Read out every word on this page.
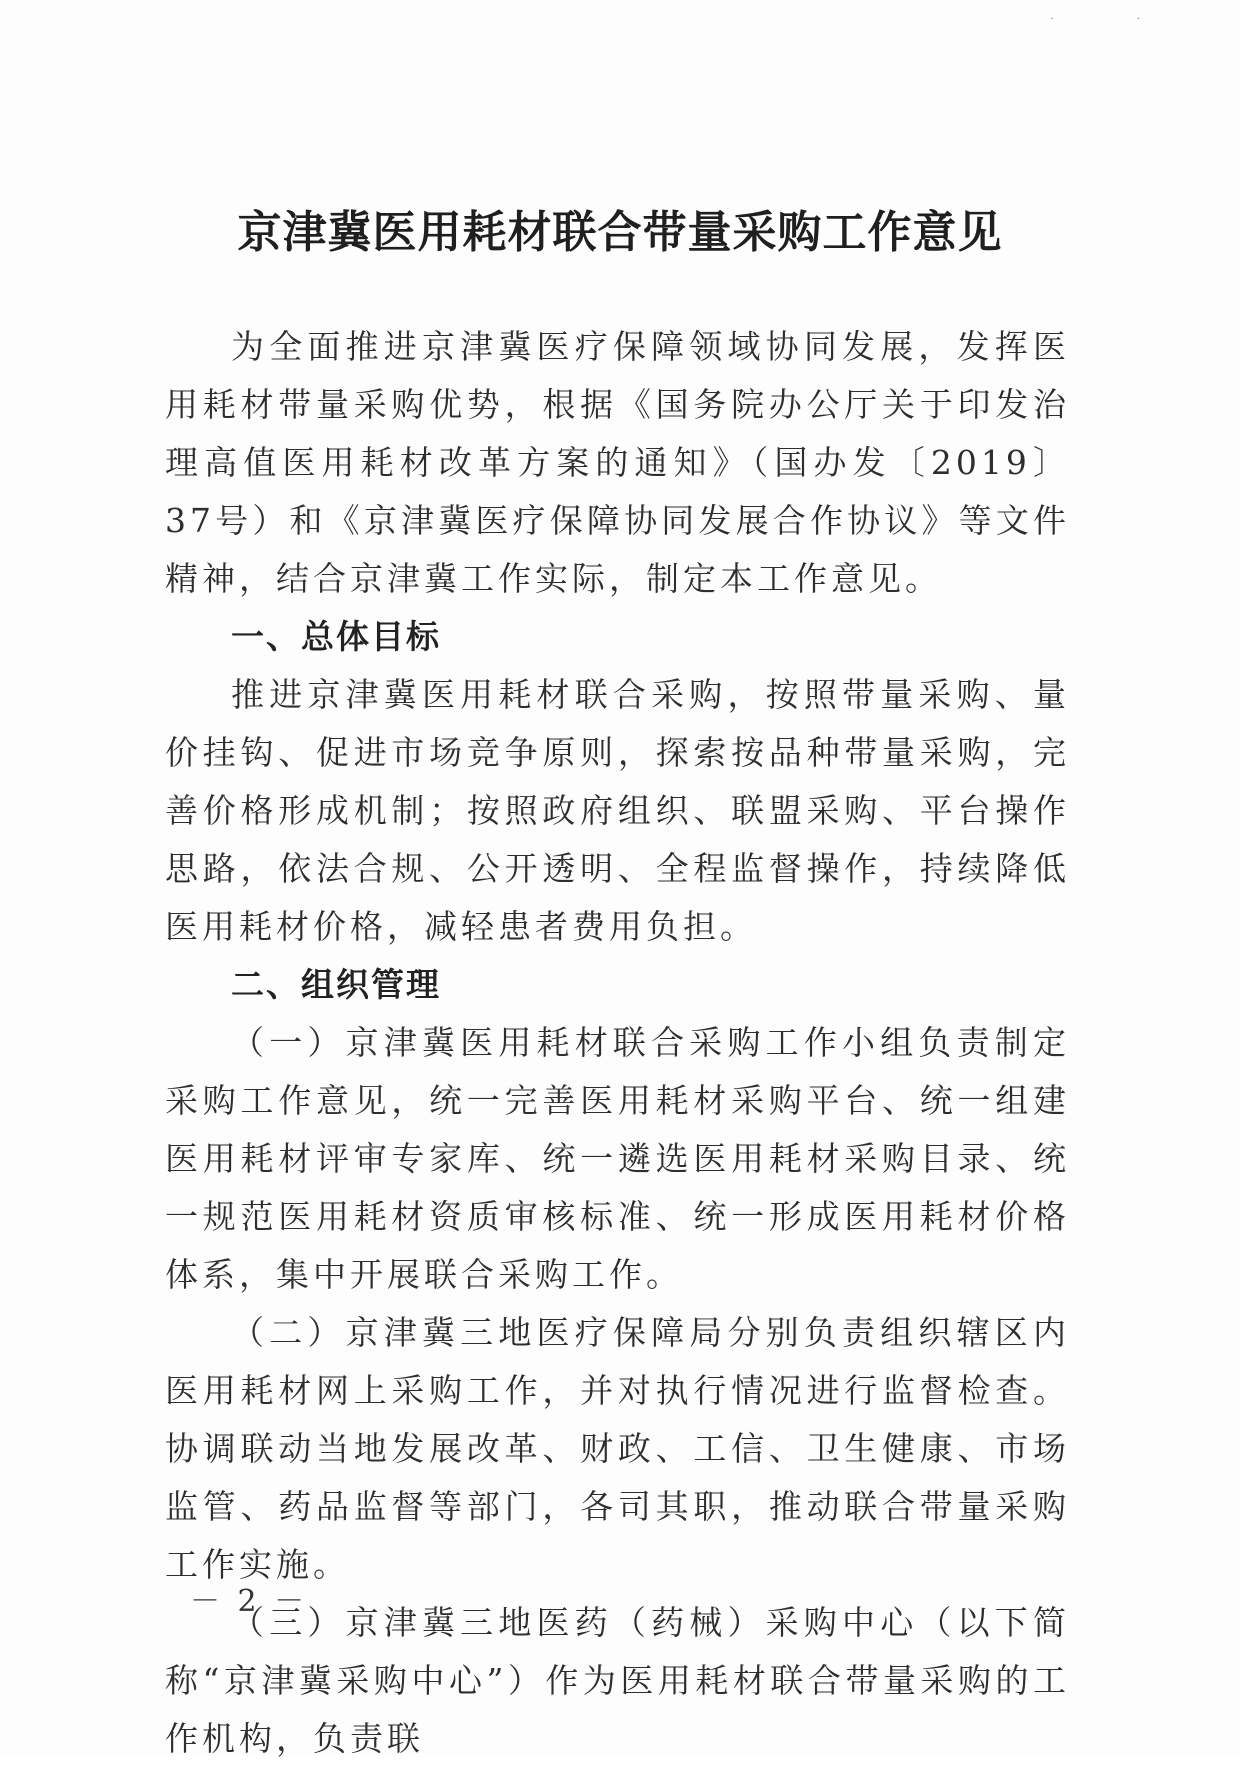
· ·
京津冀医用耗材联合带量采购工作意见

为全面推进京津冀医疗保障领域协同发展，发挥医用耗材带量采购优势，根据《国务院办公厅关于印发治理高值医用耗材改革方案的通知》（国办发〔2019〕37号）和《京津冀医疗保障协同发展合作协议》等文件精神，结合京津冀工作实际，制定本工作意见。

一、总体目标

推进京津冀医用耗材联合采购，按照带量采购、量价挂钩、促进市场竞争原则，探索按品种带量采购，完善价格形成机制；按照政府组织、联盟采购、平台操作思路，依法合规、公开透明、全程监督操作，持续降低医用耗材价格，减轻患者费用负担。

二、组织管理

（一）京津冀医用耗材联合采购工作小组负责制定采购工作意见，统一完善医用耗材采购平台、统一组建医用耗材评审专家库、统一遴选医用耗材采购目录、统一规范医用耗材资质审核标准、统一形成医用耗材价格体系，集中开展联合采购工作。

（二）京津冀三地医疗保障局分别负责组织辖区内医用耗材网上采购工作，并对执行情况进行监督检查。协调联动当地发展改革、财政、工信、卫生健康、市场监管、药品监督等部门，各司其职，推动联合带量采购工作实施。

（三）京津冀三地医药（药械）采购中心（以下简称“京津冀采购中心”）作为医用耗材联合带量采购的工作机构，负责联

－ 2 －
